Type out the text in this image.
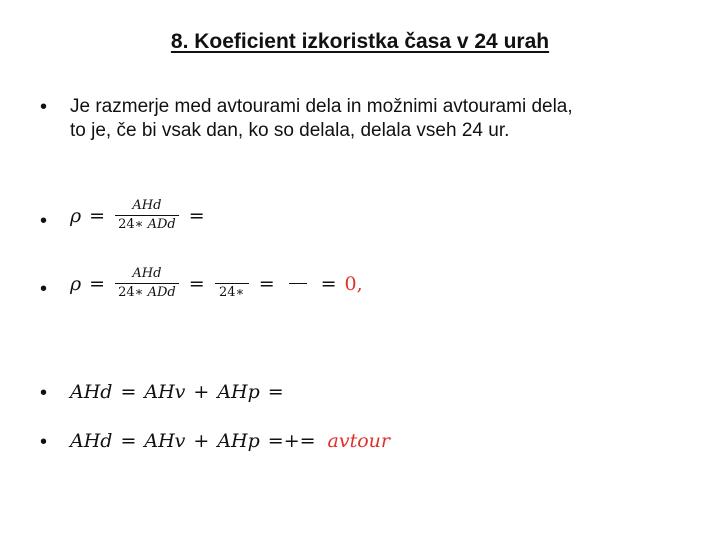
8. Koeficient izkoristka časa v 24 urah
• Je razmerje med avtourami dela in možnimi avtourami dela,
to je, če bi vsak dan, ko so delala, delala vseh 24 ur.
• $\rho = \frac{\text{AHd}}{\text{24∗ ADd}}$ =
• $\rho = \frac{\text{AHd}}{\text{24∗ ADd}}$ = 24∗ = = 0,
• AHd = AHv + AHp =
• AHd = AHv + AHp =+= avtour
